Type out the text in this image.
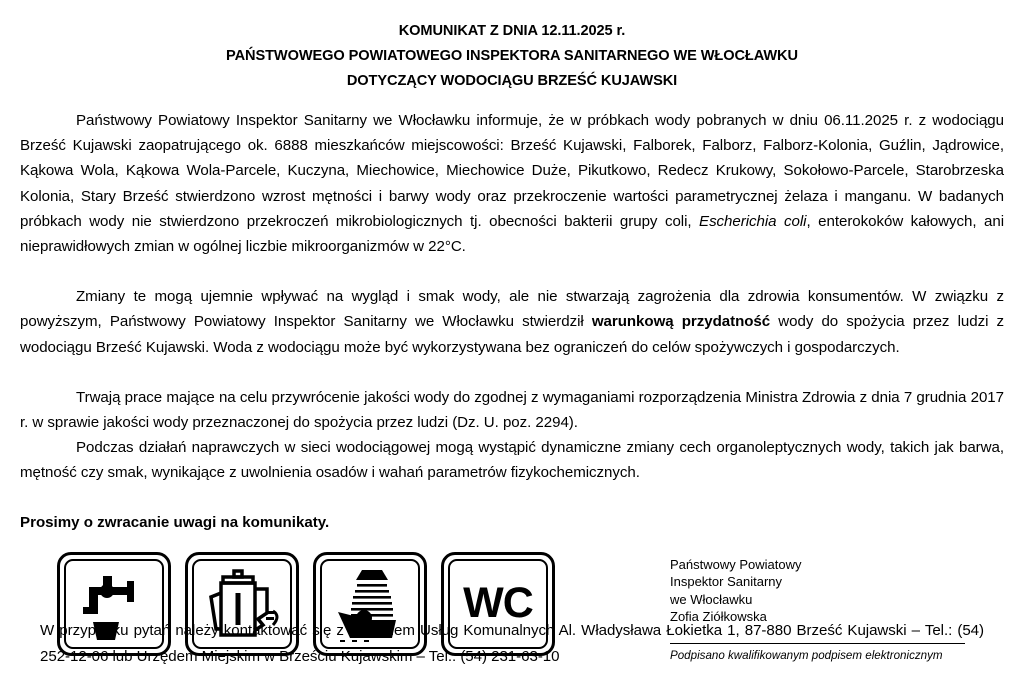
KOMUNIKAT Z DNIA 12.11.2025 r.
PAŃSTWOWEGO POWIATOWEGO INSPEKTORA SANITARNEGO WE WŁOCŁAWKU
DOTYCZĄCY WODOCIĄGU BRZEŚĆ KUJAWSKI

Państwowy Powiatowy Inspektor Sanitarny we Włocławku informuje, że w próbkach wody pobranych w dniu 06.11.2025 r. z wodociągu Brześć Kujawski zaopatrującego ok. 6888 mieszkańców miejscowości: Brześć Kujawski, Falborek, Falborz, Falborz-Kolonia, Guźlin, Jądrowice, Kąkowa Wola, Kąkowa Wola-Parcele, Kuczyna, Miechowice, Miechowice Duże, Pikutkowo, Redecz Krukowy, Sokołowo-Parcele, Starobrzeska Kolonia, Stary Brześć stwierdzono wzrost mętności i barwy wody oraz przekroczenie wartości parametrycznej żelaza i manganu. W badanych próbkach wody nie stwierdzono przekroczeń mikrobiologicznych tj. obecności bakterii grupy coli, Escherichia coli, enterokoków kałowych, ani nieprawidłowych zmian w ogólnej liczbie mikroorganizmów w 22°C.

Zmiany te mogą ujemnie wpływać na wygląd i smak wody, ale nie stwarzają zagrożenia dla zdrowia konsumentów. W związku z powyższym, Państwowy Powiatowy Inspektor Sanitarny we Włocławku stwierdził warunkową przydatność wody do spożycia przez ludzi z wodociągu Brześć Kujawski. Woda z wodociągu może być wykorzystywana bez ograniczeń do celów spożywczych i gospodarczych.

Trwają prace mające na celu przywrócenie jakości wody do zgodnej z wymaganiami rozporządzenia Ministra Zdrowia z dnia 7 grudnia 2017 r. w sprawie jakości wody przeznaczonej do spożycia przez ludzi (Dz. U. poz. 2294).

Podczas działań naprawczych w sieci wodociągowej mogą wystąpić dynamiczne zmiany cech organoleptycznych wody, takich jak barwa, mętność czy smak, wynikające z uwolnienia osadów i wahań parametrów fizykochemicznych.

Prosimy o zwracanie uwagi na komunikaty.
WC
Państwowy Powiatowy
Inspektor Sanitarny
we Włocławku
Zofia Ziółkowska
Podpisano kwalifikowanym podpisem elektronicznym

W przypadku pytań należy kontaktować się z Zakładem Usług Komunalnych Al. Władysława Łokietka 1, 87-880 Brześć Kujawski – Tel.: (54) 252-12-06 lub Urzędem Miejskim w Brześciu Kujawskim – Tel.: (54) 231-63-10
